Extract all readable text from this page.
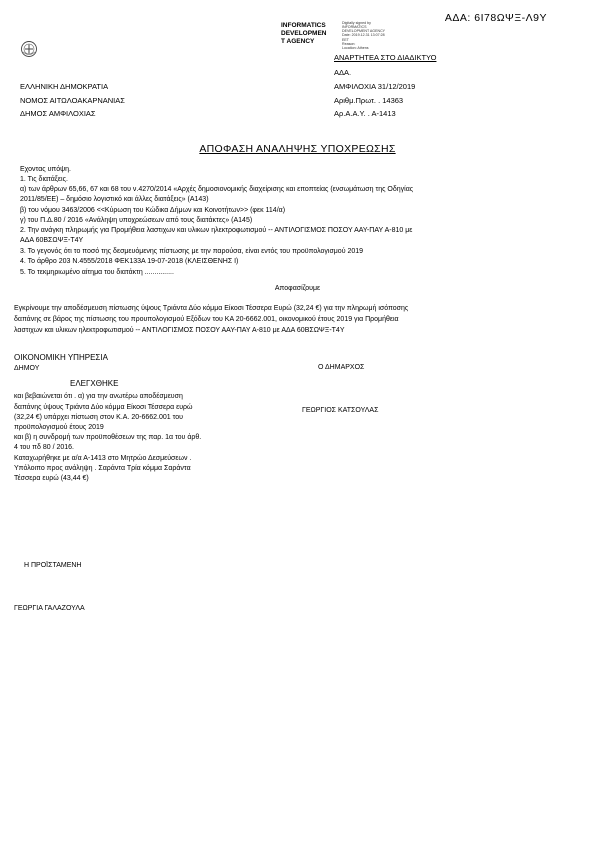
ΑΔΑ: 6Ι78ΩΨΞ-Λ9Υ
INFORMATICS
DEVELOPMEN
T AGENCY
Digitally signed by
INFORMATICS
DEVELOPMENT AGENCY
Date: 2019.12.31 13:07:28
EET
Reason:
Location: Athens
ΑΝΑΡΤΗΤΕΑ ΣΤΟ ΔΙΑΔΙΚΤΥΟ
ΕΛΛΗΝΙΚΗ ΔΗΜΟΚΡΑΤΙΑ
ΝΟΜΟΣ ΑΙΤΩΛΟΑΚΑΡΝΑΝΙΑΣ
ΔΗΜΟΣ ΑΜΦΙΛΟΧΙΑΣ
ΑΔΑ.
ΑΜΦΙΛΟΧΙΑ 31/12/2019
Αριθμ.Πρωτ. . 14363
Αρ.Α.Α.Υ. . Α-1413
ΑΠΟΦΑΣΗ ΑΝΑΛΗΨΗΣ ΥΠΟΧΡΕΩΣΗΣ
Εχοντας υπόψη.
1. Τις διατάξεις.
α) των άρθρων 65,66, 67 και 68 του ν.4270/2014 «Αρχές δημοσιονομικής διαχείρισης και εποπτείας (ενσωμάτωση της Οδηγίας
2011/85/ΕΕ) – δημόσιο λογιστικό και άλλες διατάξεις» (Α143)
β) του νόμου 3463/2006 <<Κύρωση του Κώδικα Δήμων και Κοινοτήτων>> (φεκ 114/α)
γ) του Π.Δ.80 / 2016 «Ανάληψη υποχρεώσεων από τους διατάκτες» (Α145)
2. Την ανάγκη πληρωμής για Προμήθεια λαστιχων και υλικων ηλεκτροφωτισμού -- ΑΝΤΙΛΟΓΙΣΜΟΣ ΠΟΣΟΥ ΑΑΥ-ΠΑΥ Α-810 με
ΑΔΑ 60ΒΣΩΨΞ-Τ4Υ
3. Το γεγονός ότι το ποσό της δεσμευόμενης πίστωσης με την παρούσα, είναι εντός του προϋπολογισμού 2019
4. Το άρθρο 203 Ν.4555/2018 ΦΕΚ133Α 19-07-2018 (ΚΛΕΙΣΘΕΝΗΣ Ι)
5. Το τεκμηριωμένο αίτημα του διατάκτη ...............
Αποφασίζουμε
Εγκρίνουμε την αποδέσμευση πίστωσης ύψους Τριάντα Δύο κόμμα Είκοσι Τέσσερα Ευρώ (32,24 €) για την πληρωμή ισόποσης
δαπάνης σε βάρος της πίστωσης του προυπολογισμού Εξόδων του ΚΑ 20-6662.001, οικονομικού έτους 2019 για Προμήθεια
λαστιχων και υλικων ηλεκτροφωτισμού -- ΑΝΤΙΛΟΓΙΣΜΟΣ ΠΟΣΟΥ ΑΑΥ-ΠΑΥ Α-810 με ΑΔΑ 60ΒΣΩΨΞ-Τ4Υ
ΟΙΚΟΝΟΜΙΚΗ ΥΠΗΡΕΣΙΑ
ΔΗΜΟΥ
ΕΛΕΓΧΘΗΚΕ
και βεβαιώνεται ότι . α) για την ανωτέρω αποδέσμευση
δαπάνης ύψους Τριάντα Δύο κόμμα Είκοσι Τέσσερα ευρώ
(32,24 €) υπάρχει πίστωση στον Κ.Α. 20-6662.001 του
προϋπολογισμού έτους 2019
και β) η συνδρομή των προϋποθέσεων της παρ. 1α του άρθ.
4 του πδ 80 / 2016.
Καταχωρήθηκε με α/α Α-1413 στο Μητρώο Δεσμεύσεων .
Υπόλοιπο προς ανάληψη . Σαράντα Τρία κόμμα Σαράντα
Τέσσερα ευρώ (43,44 €)
Ο ΔΗΜΑΡΧΟΣ
ΓΕΩΡΓΙΟΣ ΚΑΤΣΟΥΛΑΣ
Η ΠΡΟΪΣΤΑΜΕΝΗ
ΓΕΩΡΓΙΑ ΓΑΛΑΖΟΥΛΑ
